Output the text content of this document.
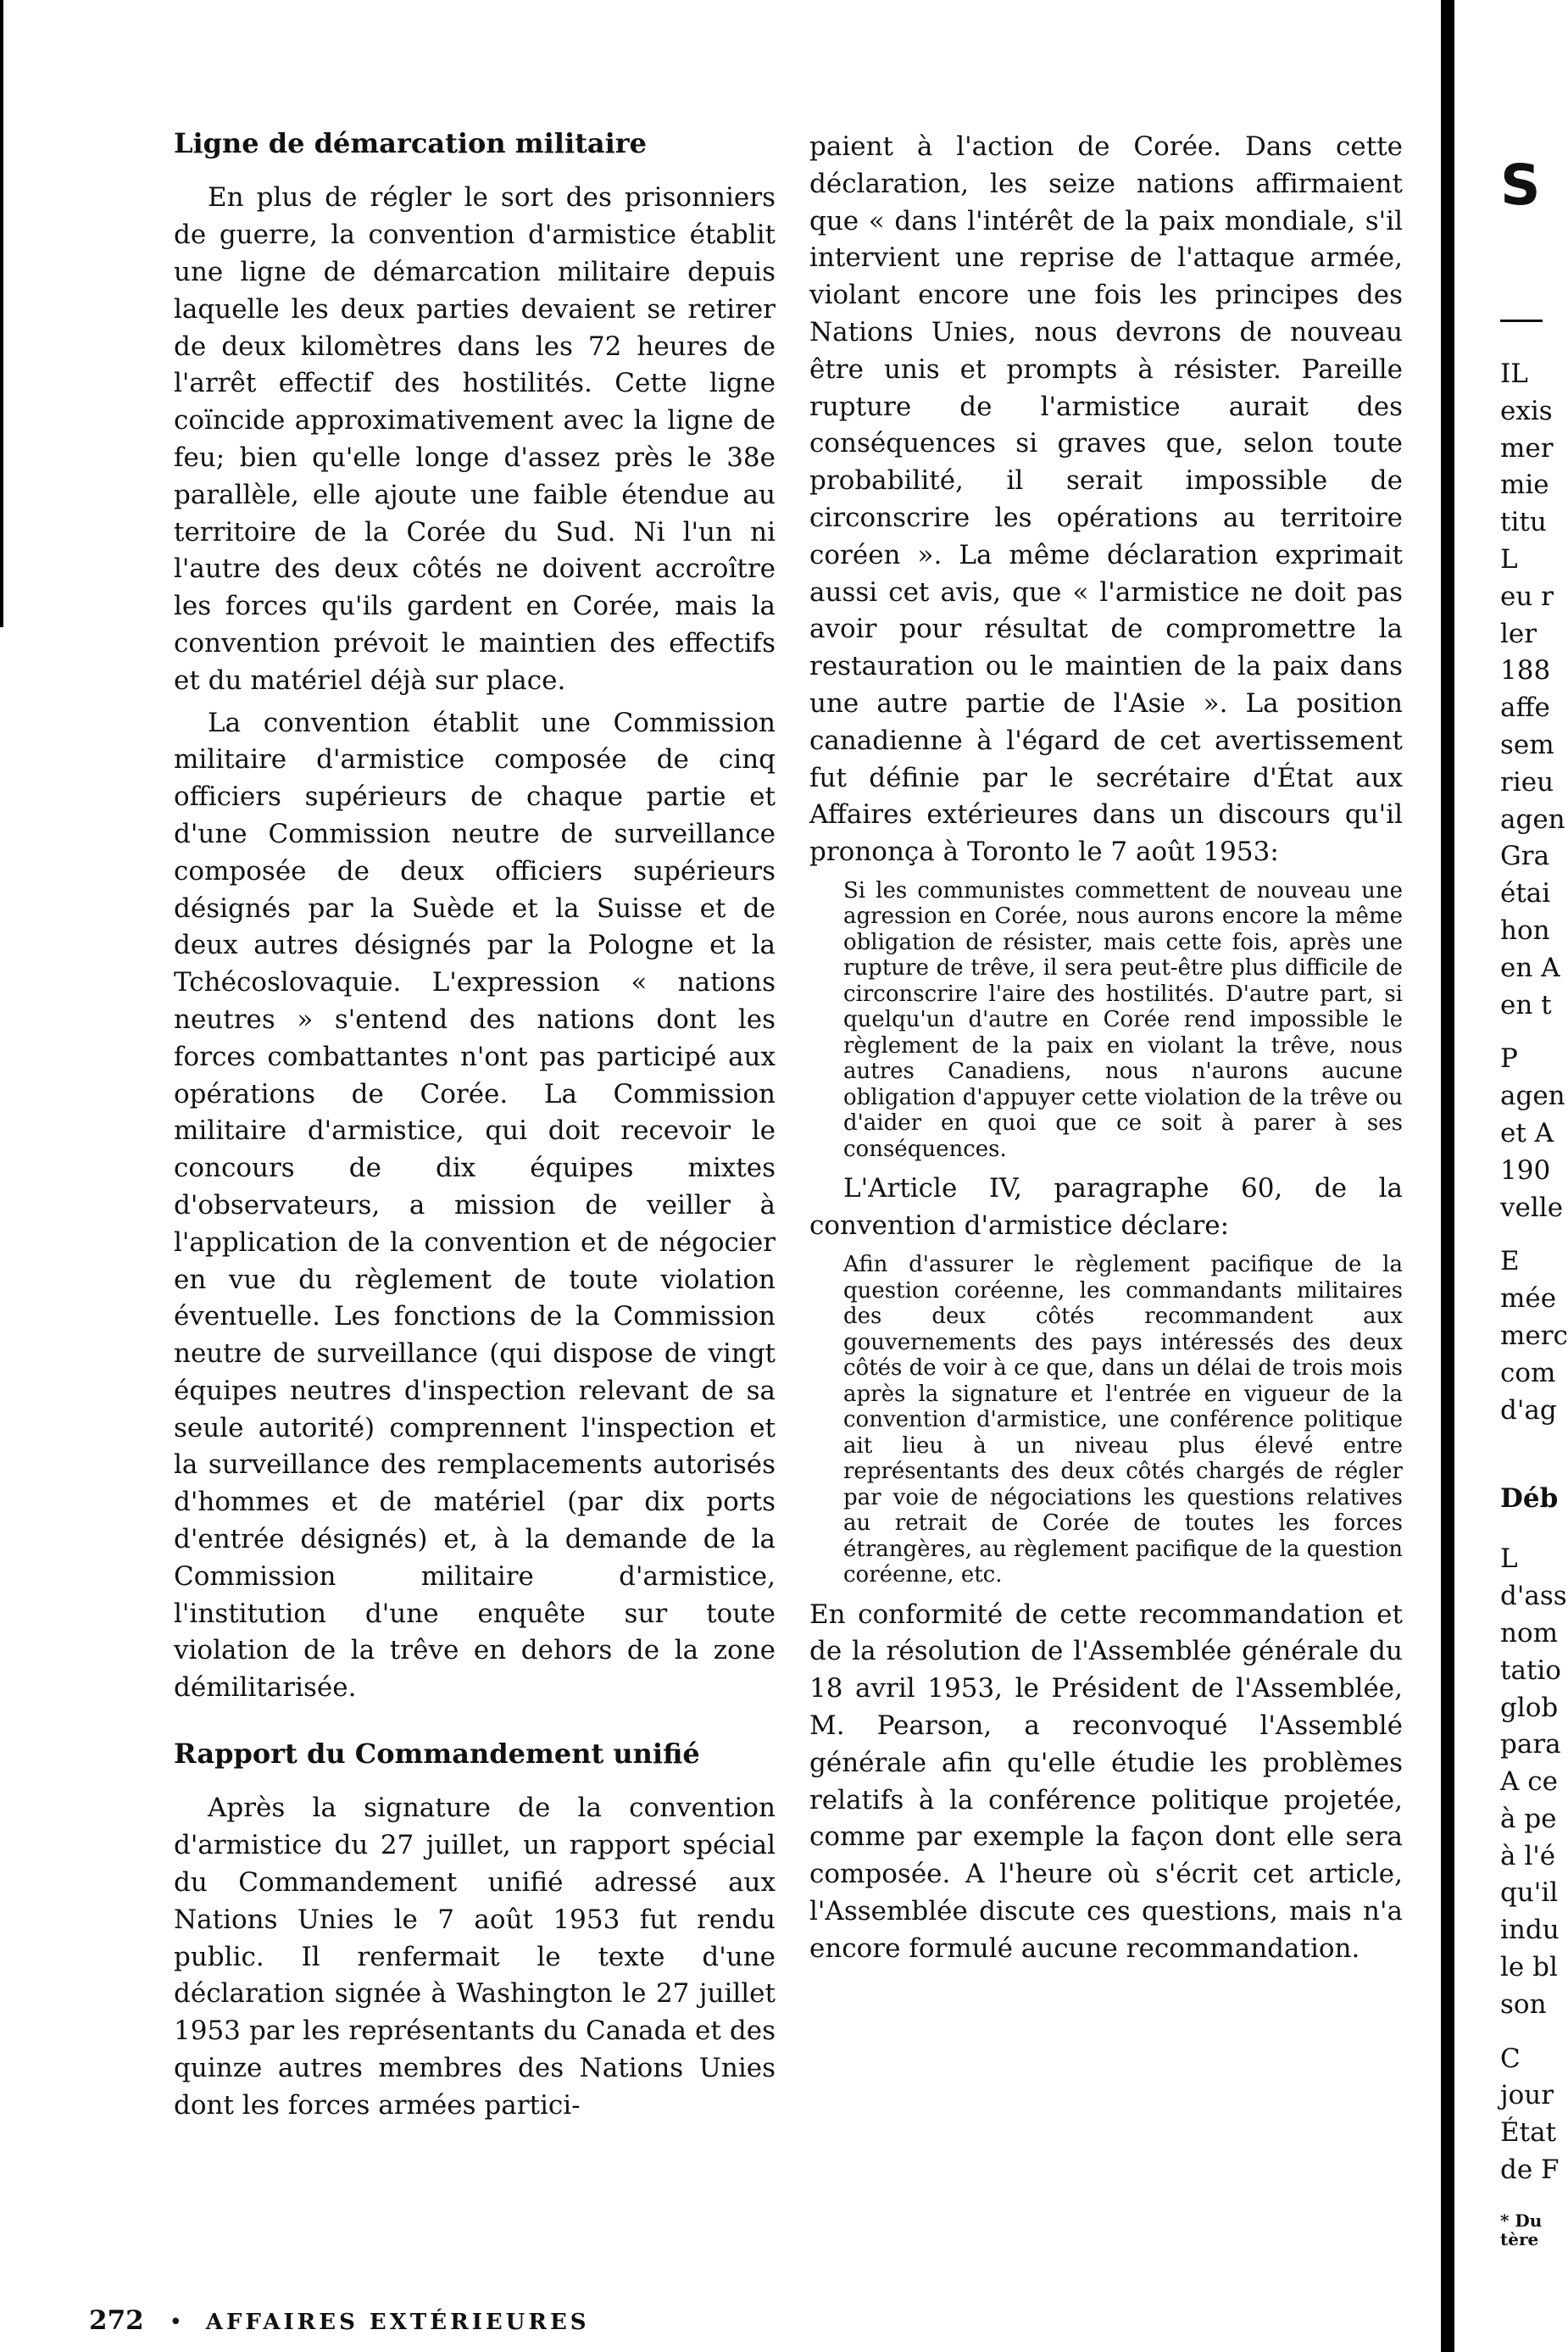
Ligne de démarcation militaire

En plus de régler le sort des prisonniers de guerre, la convention d'armistice établit une ligne de démarcation militaire depuis laquelle les deux parties devaient se retirer de deux kilomètres dans les 72 heures de l'arrêt effectif des hostilités. Cette ligne coïncide approximativement avec la ligne de feu; bien qu'elle longe d'assez près le 38e parallèle, elle ajoute une faible étendue au territoire de la Corée du Sud. Ni l'un ni l'autre des deux côtés ne doivent accroître les forces qu'ils gardent en Corée, mais la convention prévoit le maintien des effectifs et du matériel déjà sur place.

La convention établit une Commission militaire d'armistice composée de cinq officiers supérieurs de chaque partie et d'une Commission neutre de surveillance composée de deux officiers supérieurs désignés par la Suède et la Suisse et de deux autres désignés par la Pologne et la Tchécoslovaquie. L'expression « nations neutres » s'entend des nations dont les forces combattantes n'ont pas participé aux opérations de Corée. La Commission militaire d'armistice, qui doit recevoir le concours de dix équipes mixtes d'observateurs, a mission de veiller à l'application de la convention et de négocier en vue du règlement de toute violation éventuelle. Les fonctions de la Commission neutre de surveillance (qui dispose de vingt équipes neutres d'inspection relevant de sa seule autorité) comprennent l'inspection et la surveillance des remplacements autorisés d'hommes et de matériel (par dix ports d'entrée désignés) et, à la demande de la Commission militaire d'armistice, l'institution d'une enquête sur toute violation de la trêve en dehors de la zone démilitarisée.

Rapport du Commandement unifié

Après la signature de la convention d'armistice du 27 juillet, un rapport spécial du Commandement unifié adressé aux Nations Unies le 7 août 1953 fut rendu public. Il renfermait le texte d'une déclaration signée à Washington le 27 juillet 1953 par les représentants du Canada et des quinze autres membres des Nations Unies dont les forces armées partici-

paient à l'action de Corée. Dans cette déclaration, les seize nations affirmaient que « dans l'intérêt de la paix mondiale, s'il intervient une reprise de l'attaque armée, violant encore une fois les principes des Nations Unies, nous devrons de nouveau être unis et prompts à résister. Pareille rupture de l'armistice aurait des conséquences si graves que, selon toute probabilité, il serait impossible de circonscrire les opérations au territoire coréen ». La même déclaration exprimait aussi cet avis, que « l'armistice ne doit pas avoir pour résultat de compromettre la restauration ou le maintien de la paix dans une autre partie de l'Asie ». La position canadienne à l'égard de cet avertissement fut définie par le secrétaire d'État aux Affaires extérieures dans un discours qu'il prononça à Toronto le 7 août 1953:

Si les communistes commettent de nouveau une agression en Corée, nous aurons encore la même obligation de résister, mais cette fois, après une rupture de trêve, il sera peut-être plus difficile de circonscrire l'aire des hostilités. D'autre part, si quelqu'un d'autre en Corée rend impossible le règlement de la paix en violant la trêve, nous autres Canadiens, nous n'aurons aucune obligation d'appuyer cette violation de la trêve ou d'aider en quoi que ce soit à parer à ses conséquences.

L'Article IV, paragraphe 60, de la convention d'armistice déclare:

Afin d'assurer le règlement pacifique de la question coréenne, les commandants militaires des deux côtés recommandent aux gouvernements des pays intéressés des deux côtés de voir à ce que, dans un délai de trois mois après la signature et l'entrée en vigueur de la convention d'armistice, une conférence politique ait lieu à un niveau plus élevé entre représentants des deux côtés chargés de régler par voie de négociations les questions relatives au retrait de Corée de toutes les forces étrangères, au règlement pacifique de la question coréenne, etc.

En conformité de cette recommandation et de la résolution de l'Assemblée générale du 18 avril 1953, le Président de l'Assemblée, M. Pearson, a reconvoqué l'Assemblé générale afin qu'elle étudie les problèmes relatifs à la conférence politique projetée, comme par exemple la façon dont elle sera composée. A l'heure où s'écrit cet article, l'Assemblée discute ces questions, mais n'a encore formulé aucune recommandation.

S
IL
exis
mer
mie
titu
L
eu r
ler
188
affe
sem
rieu
agen
Gra
étai
hon
en A
en t
P
agen
et A
190
velle
E
mée
merc
com
d'ag
Déb
L
d'ass
nom
tatio
glob
para
A ce
à pe
à l'é
qu'il
indu
le bl
son
C
jour
État
de F
* Du
tère
272 • AFFAIRES EXTÉRIEURES
